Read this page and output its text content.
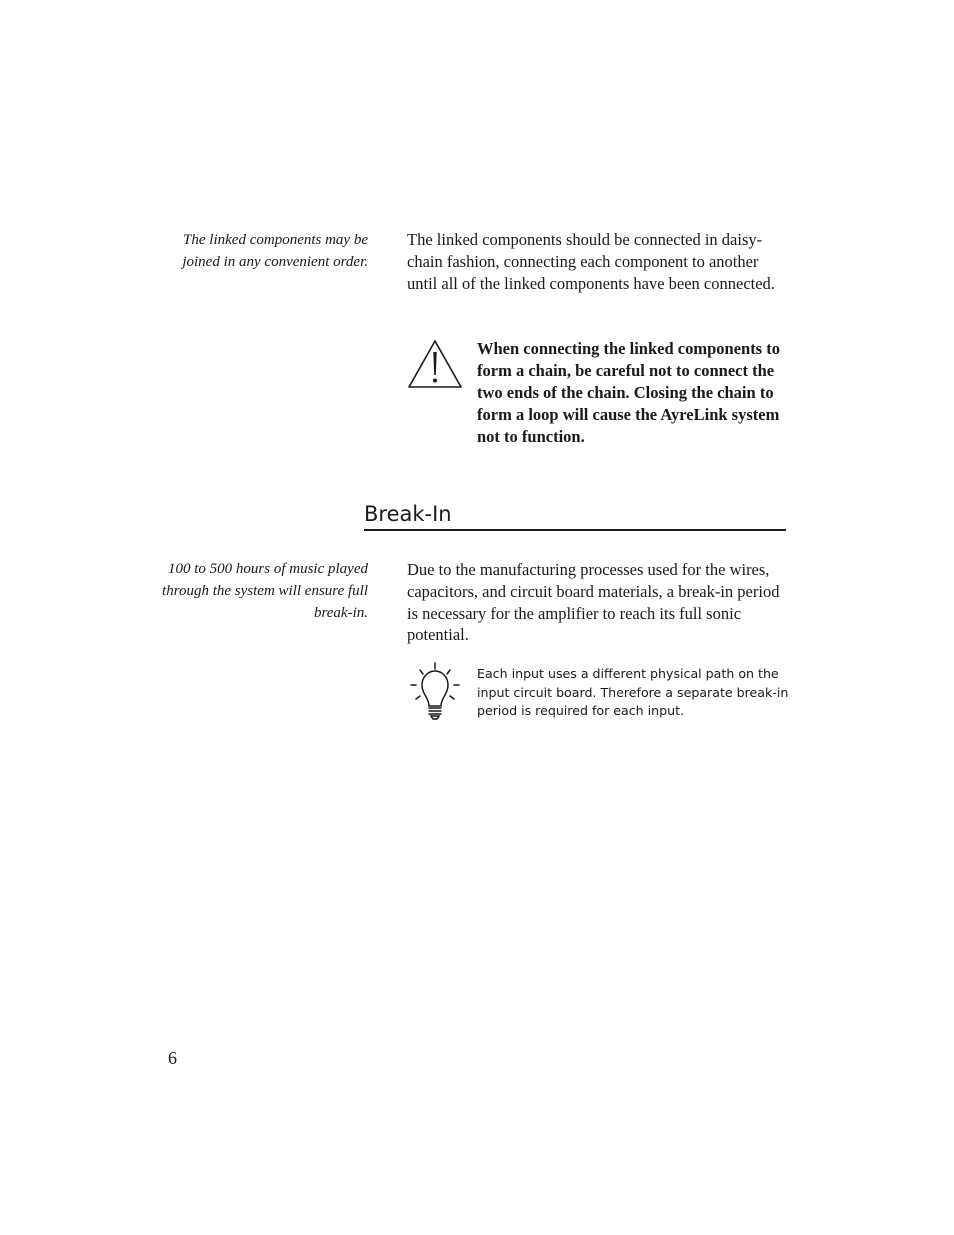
The linked components may be joined in any convenient order.
The linked components should be connected in daisy-chain fashion, connecting each component to another until all of the linked components have been connected.
When connecting the linked components to form a chain, be careful not to connect the two ends of the chain. Closing the chain to form a loop will cause the AyreLink system not to function.
Break-In
100 to 500 hours of music played through the system will ensure full break-in.
Due to the manufacturing processes used for the wires, capacitors, and circuit board materials, a break-in period is necessary for the amplifier to reach its full sonic potential.
Each input uses a different physical path on the input circuit board. Therefore a separate break-in period is required for each input.
6
